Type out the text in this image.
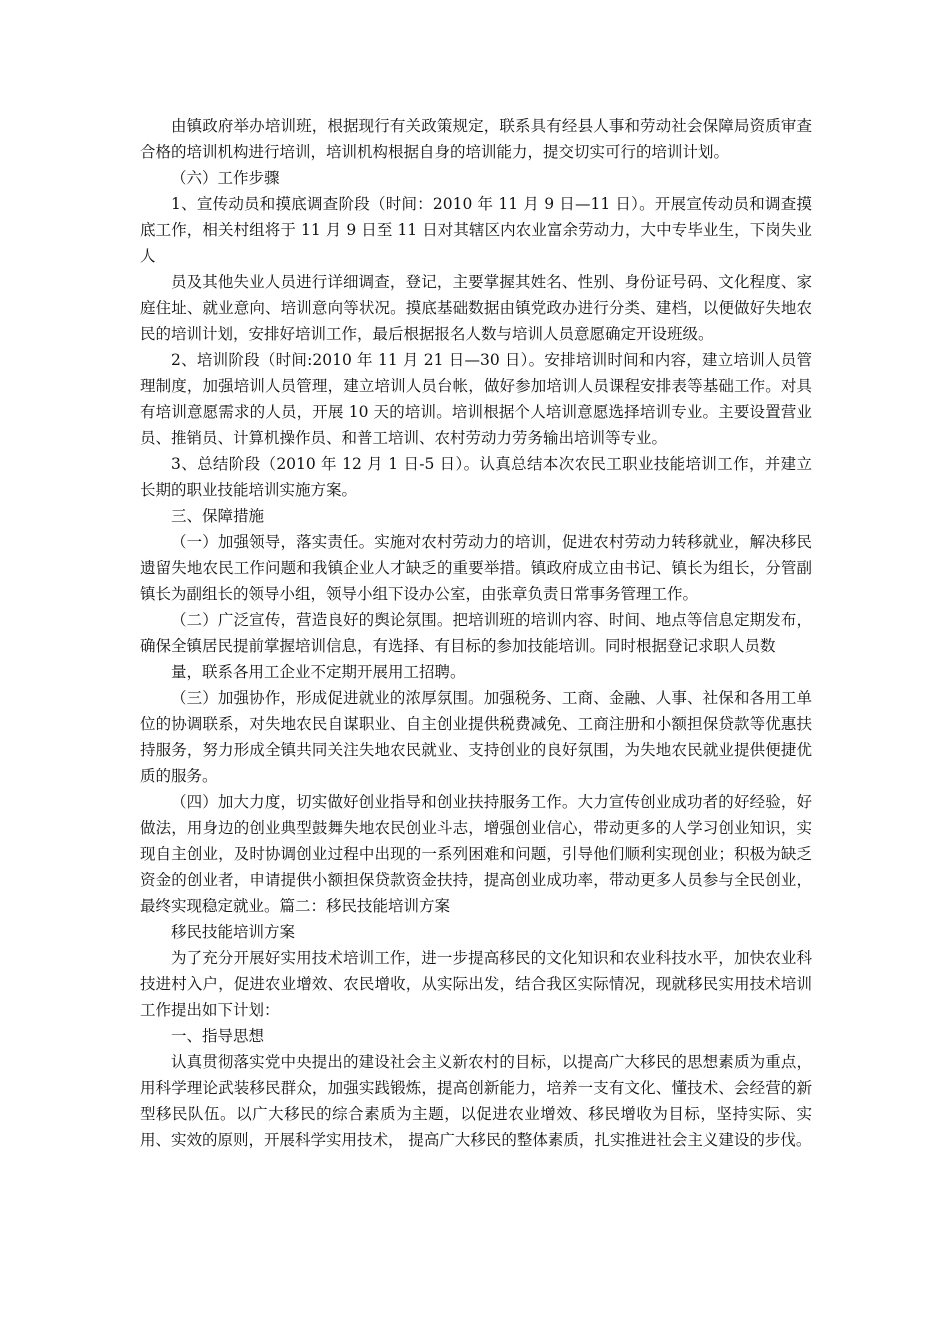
由镇政府举办培训班，根据现行有关政策规定，联系具有经县人事和劳动社会保障局资质审查合格的培训机构进行培训，培训机构根据自身的培训能力，提交切实可行的培训计划。

（六）工作步骤

1、宣传动员和摸底调查阶段（时间：2010 年 11 月 9 日—11 日）。开展宣传动员和调查摸底工作，相关村组将于 11 月 9 日至 11 日对其辖区内农业富余劳动力，大中专毕业生，下岗失业人

员及其他失业人员进行详细调查，登记，主要掌握其姓名、性别、身份证号码、文化程度、家庭住址、就业意向、培训意向等状况。摸底基础数据由镇党政办进行分类、建档，以便做好失地农民的培训计划，安排好培训工作，最后根据报名人数与培训人员意愿确定开设班级。

2、培训阶段（时间:2010 年 11 月 21 日—30 日）。安排培训时间和内容，建立培训人员管理制度，加强培训人员管理，建立培训人员台帐，做好参加培训人员课程安排表等基础工作。对具有培训意愿需求的人员，开展 10 天的培训。培训根据个人培训意愿选择培训专业。主要设置营业员、推销员、计算机操作员、和普工培训、农村劳动力劳务输出培训等专业。

3、总结阶段（2010 年 12 月 1 日-5 日）。认真总结本次农民工职业技能培训工作，并建立长期的职业技能培训实施方案。

三、保障措施

（一）加强领导，落实责任。实施对农村劳动力的培训，促进农村劳动力转移就业，解决移民遗留失地农民工作问题和我镇企业人才缺乏的重要举措。镇政府成立由书记、镇长为组长，分管副镇长为副组长的领导小组，领导小组下设办公室，由张章负责日常事务管理工作。

（二）广泛宣传，营造良好的舆论氛围。把培训班的培训内容、时间、地点等信息定期发布，确保全镇居民提前掌握培训信息，有选择、有目标的参加技能培训。同时根据登记求职人员数

量，联系各用工企业不定期开展用工招聘。

（三）加强协作，形成促进就业的浓厚氛围。加强税务、工商、金融、人事、社保和各用工单位的协调联系，对失地农民自谋职业、自主创业提供税费减免、工商注册和小额担保贷款等优惠扶持服务，努力形成全镇共同关注失地农民就业、支持创业的良好氛围，为失地农民就业提供便捷优质的服务。

（四）加大力度，切实做好创业指导和创业扶持服务工作。大力宣传创业成功者的好经验，好做法，用身边的创业典型鼓舞失地农民创业斗志，增强创业信心，带动更多的人学习创业知识，实现自主创业，及时协调创业过程中出现的一系列困难和问题，引导他们顺利实现创业；积极为缺乏资金的创业者，申请提供小额担保贷款资金扶持，提高创业成功率，带动更多人员参与全民创业，最终实现稳定就业。篇二：移民技能培训方案

移民技能培训方案

为了充分开展好实用技术培训工作，进一步提高移民的文化知识和农业科技水平，加快农业科技进村入户，促进农业增效、农民增收，从实际出发，结合我区实际情况，现就移民实用技术培训工作提出如下计划：

一、指导思想

认真贯彻落实党中央提出的建设社会主义新农村的目标，以提高广大移民的思想素质为重点，用科学理论武装移民群众，加强实践锻炼，提高创新能力，培养一支有文化、懂技术、会经营的新型移民队伍。以广大移民的综合素质为主题，以促进农业增效、移民增收为目标，坚持实际、实用、实效的原则，开展科学实用技术， 提高广大移民的整体素质，扎实推进社会主义建设的步伐。
